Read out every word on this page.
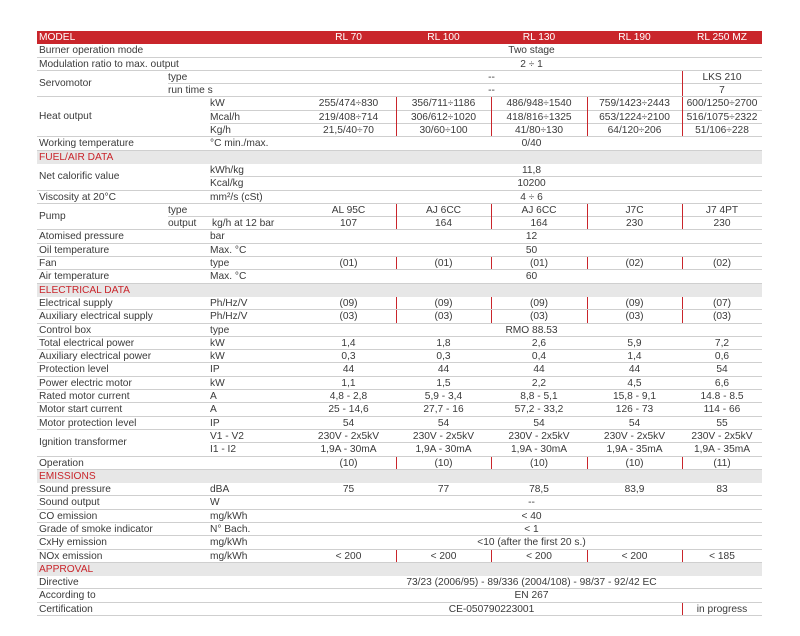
MODEL	RL 70	RL 100	RL 130	RL 190	RL 250 MZ
Burner operation mode	Two stage
Modulation ratio to max. output	2 ÷ 1
Servomotor
type	--	LKS 210
run time s	--	7
Heat output
kW	255/474÷830	356/711÷1186	486/948÷1540	759/1423÷2443	600/1250÷2700
Mcal/h	219/408÷714	306/612÷1020	418/816÷1325	653/1224÷2100	516/1075÷2322
Kg/h	21,5/40÷70	30/60÷100	41/80÷130	64/120÷206	51/106÷228
Working temperature	°C min./max.	0/40
FUEL/AIR DATA
Net calorific value
kWh/kg	11,8
Kcal/kg	10200
Viscosity at 20°C	mm²/s (cSt)	4 ÷ 6
Pump
type	AL 95C	AJ 6CC	AJ 6CC	J7C	J7 4PT
output kg/h at 12 bar	107	164	164	230	230
Atomised pressure	bar	12
Oil temperature	Max. °C	50
Fan	type	(01)	(01)	(01)	(02)	(02)
Air temperature	Max. °C	60
ELECTRICAL DATA
Electrical supply	Ph/Hz/V	(09)	(09)	(09)	(09)	(07)
Auxiliary electrical supply	Ph/Hz/V	(03)	(03)	(03)	(03)	(03)
Control box	type	RMO 88.53
Total electrical power	kW	1,4	1,8	2,6	5,9	7,2
Auxiliary electrical power	kW	0,3	0,3	0,4	1,4	0,6
Protection level	IP	44	44	44	44	54
Power electric motor	kW	1,1	1,5	2,2	4,5	6,6
Rated motor current	A	4,8 - 2,8	5,9 - 3,4	8,8 - 5,1	15,8 - 9,1	14.8 - 8.5
Motor start current	A	25 - 14,6	27,7 - 16	57,2 - 33,2	126 - 73	114 - 66
Motor protection level	IP	54	54	54	54	55
Ignition transformer
V1 - V2	230V - 2x5kV	230V - 2x5kV	230V - 2x5kV	230V - 2x5kV	230V - 2x5kV
I1 - I2	1,9A - 30mA	1,9A - 30mA	1,9A - 30mA	1,9A - 35mA	1,9A - 35mA
Operation	(10)	(10)	(10)	(10)	(11)
EMISSIONS
Sound pressure	dBA	75	77	78,5	83,9	83
Sound output	W	--
CO emission	mg/kWh	< 40
Grade of smoke indicator	N° Bach.	< 1
CxHy emission	mg/kWh	<10 (after the first 20 s.)
NOx emission	mg/kWh	< 200	< 200	< 200	< 200	< 185
APPROVAL
Directive	73/23 (2006/95) - 89/336 (2004/108) - 98/37 - 92/42 EC
According to	EN 267
Certification	CE-050790223001	in progress
